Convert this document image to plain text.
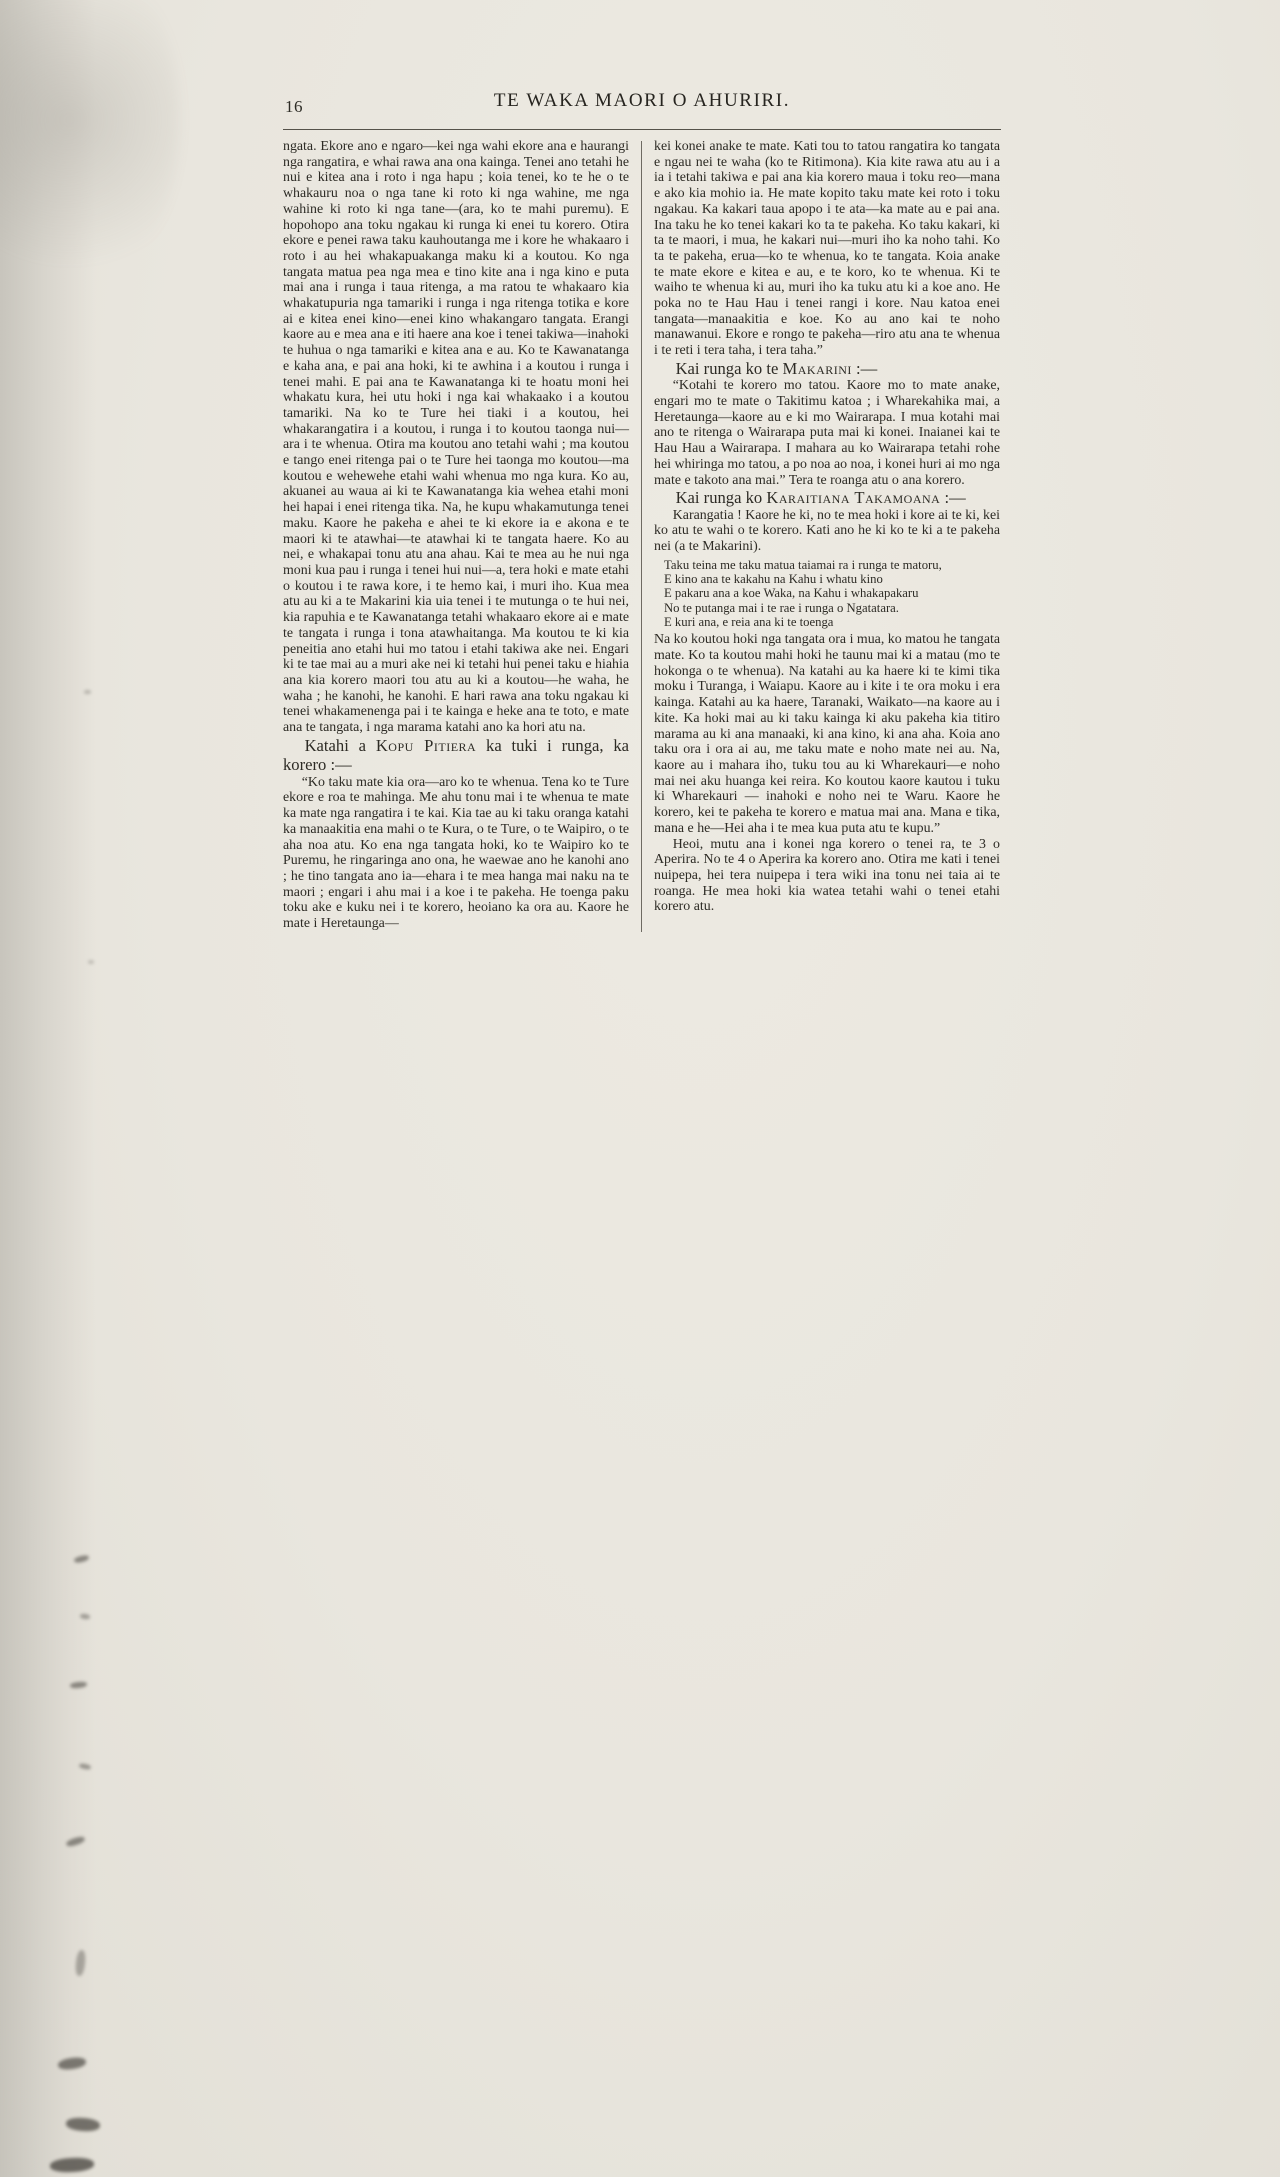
16	TE WAKA MAORI O AHURIRI.

ngata. Ekore ano e ngaro—kei nga wahi ekore ana e haurangi nga rangatira, e whai rawa ana ona kainga. Tenei ano tetahi he nui e kitea ana i roto i nga hapu ; koia tenei, ko te he o te whakauru noa o nga tane ki roto ki nga wahine, me nga wahine ki roto ki nga tane—(ara, ko te mahi puremu). E hopohopo ana toku ngakau ki runga ki enei tu korero. Otira ekore e penei rawa taku kauhoutanga me i kore he whakaaro i roto i au hei whakapuakanga maku ki a koutou. Ko nga tangata matua pea nga mea e tino kite ana i nga kino e puta mai ana i runga i taua ritenga, a ma ratou te whakaaro kia whakatupuria nga tamariki i runga i nga ritenga totika e kore ai e kitea enei kino—enei kino whakangaro tangata. Erangi kaore au e mea ana e iti haere ana koe i tenei takiwa—inahoki te huhua o nga tamariki e kitea ana e au. Ko te Kawanatanga e kaha ana, e pai ana hoki, ki te awhina i a koutou i runga i tenei mahi. E pai ana te Kawanatanga ki te hoatu moni hei whakatu kura, hei utu hoki i nga kai whakaako i a koutou tamariki. Na ko te Ture hei tiaki i a koutou, hei whakarangatira i a koutou, i runga i to koutou taonga nui—ara i te whenua. Otira ma koutou ano tetahi wahi ; ma koutou e tango enei ritenga pai o te Ture hei taonga mo koutou—ma koutou e wehewehe etahi wahi whenua mo nga kura. Ko au, akuanei au waua ai ki te Kawanatanga kia wehea etahi moni hei hapai i enei ritenga tika. Na, he kupu whakamutunga tenei maku. Kaore he pakeha e ahei te ki ekore ia e akona e te maori ki te atawhai—te atawhai ki te tangata haere. Ko au nei, e whakapai tonu atu ana ahau. Kai te mea au he nui nga moni kua pau i runga i tenei hui nui—a, tera hoki e mate etahi o koutou i te rawa kore, i te hemo kai, i muri iho. Kua mea atu au ki a te Makarini kia uia tenei i te mutunga o te hui nei, kia rapuhia e te Kawanatanga tetahi whakaaro ekore ai e mate te tangata i runga i tona atawhaitanga. Ma koutou te ki kia peneitia ano etahi hui mo tatou i etahi takiwa ake nei. Engari ki te tae mai au a muri ake nei ki tetahi hui penei taku e hiahia ana kia korero maori tou atu au ki a koutou—he waha, he waha ; he kanohi, he kanohi. E hari rawa ana toku ngakau ki tenei whakamenenga pai i te kainga e heke ana te toto, e mate ana te tangata, i nga marama katahi ano ka hori atu na.

Katahi a Kopu Pitiera ka tuki i runga, ka korero :—

“Ko taku mate kia ora—aro ko te whenua. Tena ko te Ture ekore e roa te mahinga. Me ahu tonu mai i te whenua te mate ka mate nga rangatira i te kai. Kia tae au ki taku oranga katahi ka manaakitia ena mahi o te Kura, o te Ture, o te Waipiro, o te aha noa atu. Ko ena nga tangata hoki, ko te Waipiro ko te Puremu, he ringaringa ano ona, he waewae ano he kanohi ano ; he tino tangata ano ia—ehara i te mea hanga mai naku na te maori ; engari i ahu mai i a koe i te pakeha. He toenga paku toku ake e kuku nei i te korero, heoiano ka ora au. Kaore he mate i Heretaunga—

kei konei anake te mate. Kati tou to tatou rangatira ko tangata e ngau nei te waha (ko te Ritimona). Kia kite rawa atu au i a ia i tetahi takiwa e pai ana kia korero maua i toku reo—mana e ako kia mohio ia. He mate kopito taku mate kei roto i toku ngakau. Ka kakari taua apopo i te ata—ka mate au e pai ana. Ina taku he ko tenei kakari ko ta te pakeha. Ko taku kakari, ki ta te maori, i mua, he kakari nui—muri iho ka noho tahi. Ko ta te pakeha, erua—ko te whenua, ko te tangata. Koia anake te mate ekore e kitea e au, e te koro, ko te whenua. Ki te waiho te whenua ki au, muri iho ka tuku atu ki a koe ano. He poka no te Hau Hau i tenei rangi i kore. Nau katoa enei tangata—manaakitia e koe. Ko au ano kai te noho manawanui. Ekore e rongo te pakeha—riro atu ana te whenua i te reti i tera taha, i tera taha.”

Kai runga ko te Makarini :—

“Kotahi te korero mo tatou. Kaore mo to mate anake, engari mo te mate o Takitimu katoa ; i Wharekahika mai, a Heretaunga—kaore au e ki mo Wairarapa. I mua kotahi mai ano te ritenga o Wairarapa puta mai ki konei. Inaianei kai te Hau Hau a Wairarapa. I mahara au ko Wairarapa tetahi rohe hei whiringa mo tatou, a po noa ao noa, i konei huri ai mo nga mate e takoto ana mai.” Tera te roanga atu o ana korero.

Kai runga ko Karaitiana Takamoana :—

Karangatia ! Kaore he ki, no te mea hoki i kore ai te ki, kei ko atu te wahi o te korero. Kati ano he ki ko te ki a te pakeha nei (a te Makarini).

Taku teina me taku matua taiamai ra i runga te matoru,
E kino ana te kakahu na Kahu i whatu kino
E pakaru ana a koe Waka, na Kahu i whakapakaru
No te putanga mai i te rae i runga o Ngatatara.
E kuri ana, e reia ana ki te toenga

Na ko koutou hoki nga tangata ora i mua, ko matou he tangata mate. Ko ta koutou mahi hoki he taunu mai ki a matau (mo te hokonga o te whenua). Na katahi au ka haere ki te kimi tika moku i Turanga, i Waiapu. Kaore au i kite i te ora moku i era kainga. Katahi au ka haere, Taranaki, Waikato—na kaore au i kite. Ka hoki mai au ki taku kainga ki aku pakeha kia titiro marama au ki ana manaaki, ki ana kino, ki ana aha. Koia ano taku ora i ora ai au, me taku mate e noho mate nei au. Na, kaore au i mahara iho, tuku tou au ki Wharekauri—e noho mai nei aku huanga kei reira. Ko koutou kaore kautou i tuku ki Wharekauri — inahoki e noho nei te Waru. Kaore he korero, kei te pakeha te korero e matua mai ana. Mana e tika, mana e he—Hei aha i te mea kua puta atu te kupu.”

Heoi, mutu ana i konei nga korero o tenei ra, te 3 o Aperira. No te 4 o Aperira ka korero ano. Otira me kati i tenei nuipepa, hei tera nuipepa i tera wiki ina tonu nei taia ai te roanga. He mea hoki kia watea tetahi wahi o tenei etahi korero atu.
